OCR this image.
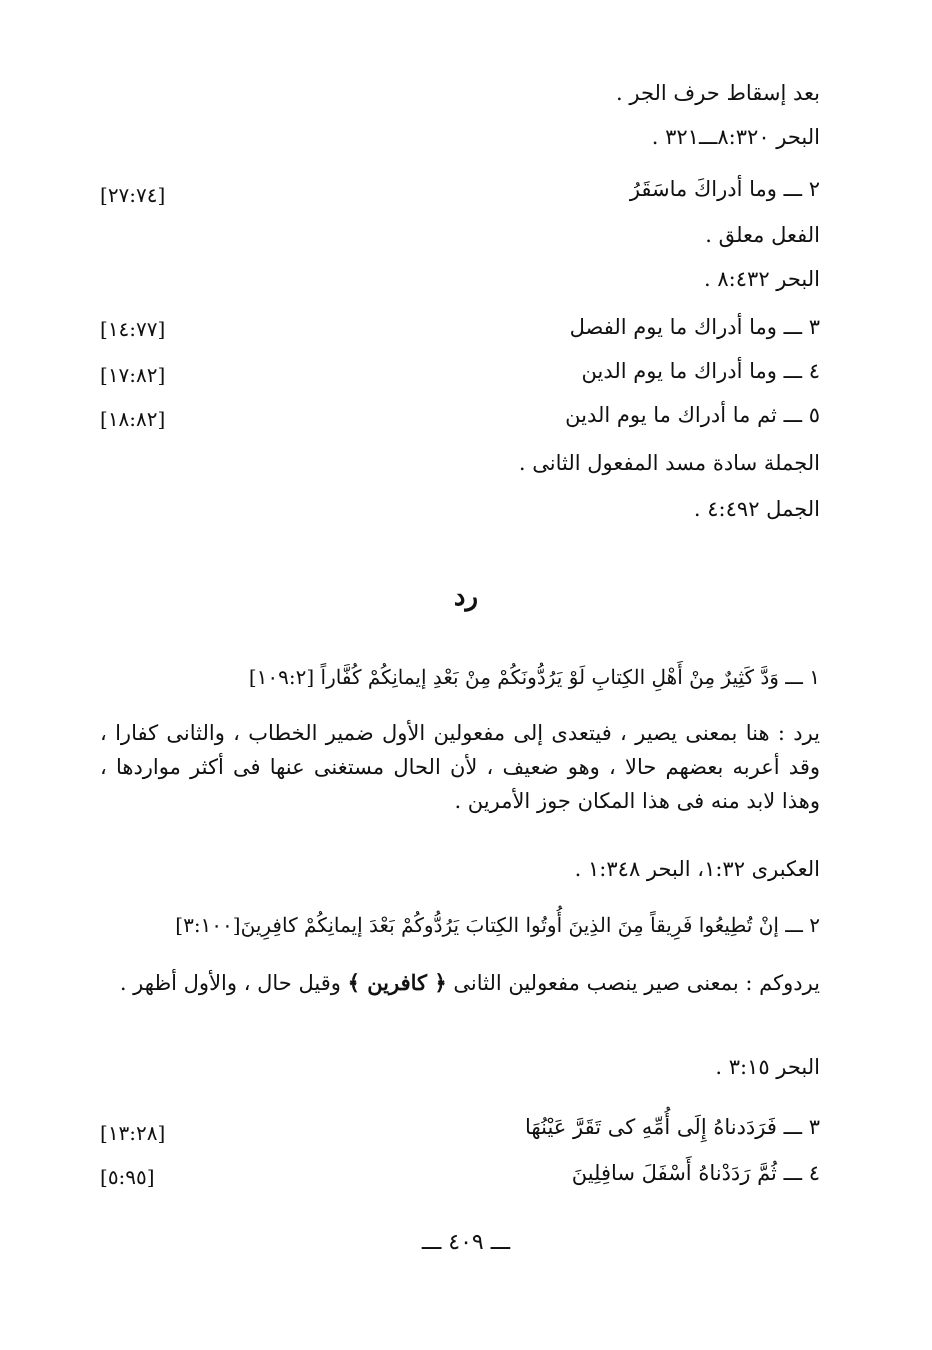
بعد إسقاط حرف الجر .
البحر ٨:٣٢٠ـــ٣٢١ .
٢ ـــ وما أدراكَ ماسَقَرُ
[٢٧:٧٤]
الفعل معلق .
البحر ٨:٤٣٢ .
٣ ـــ وما أدراك ما يوم الفصل
[١٤:٧٧]
٤ ـــ وما أدراك ما يوم الدين
[١٧:٨٢]
٥ ـــ ثم ما أدراك ما يوم الدين
[١٨:٨٢]
الجملة سادة مسد المفعول الثانى .
الجمل ٤:٤٩٢ .
رد
١ ـــ وَدَّ كَثِيرٌ مِنْ أَهْلِ الكِتابِ لَوْ يَرُدُّونَكُمْ مِنْ بَعْدِ إيمانِكُمْ كُفَّاراً [١٠٩:٢]
يرد : هنا بمعنى يصير ، فيتعدى إلى مفعولين الأول ضمير الخطاب ، والثانى كفارا ، وقد أعربه بعضهم حالا ، وهو ضعيف ، لأن الحال مستغنى عنها فى أكثر مواردها ، وهذا لابد منه فى هذا المكان جوز الأمرين .
العكبرى ١:٣٢، البحر ١:٣٤٨ .
٢ ـــ إنْ تُطِيعُوا فَرِيقاً مِنَ الذِينَ أُوتُوا الكِتابَ يَرُدُّوكُمْ بَعْدَ إيمانِكُمْ كافِرِينَ[٣:١٠٠]
يردوكم : بمعنى صير ينصب مفعولين الثانى ﴿ كافرين ﴾ وقيل حال ، والأول أظهر .
البحر ٣:١٥ .
٣ ـــ فَرَدَدناهُ إِلَى أُمِّهِ كى تَقَرَّ عَيْنُهَا
[١٣:٢٨]
٤ ـــ ثُمَّ رَدَدْناهُ أَسْفَلَ سافِلِينَ
[٥:٩٥]
ـــ ٤٠٩ ـــ
